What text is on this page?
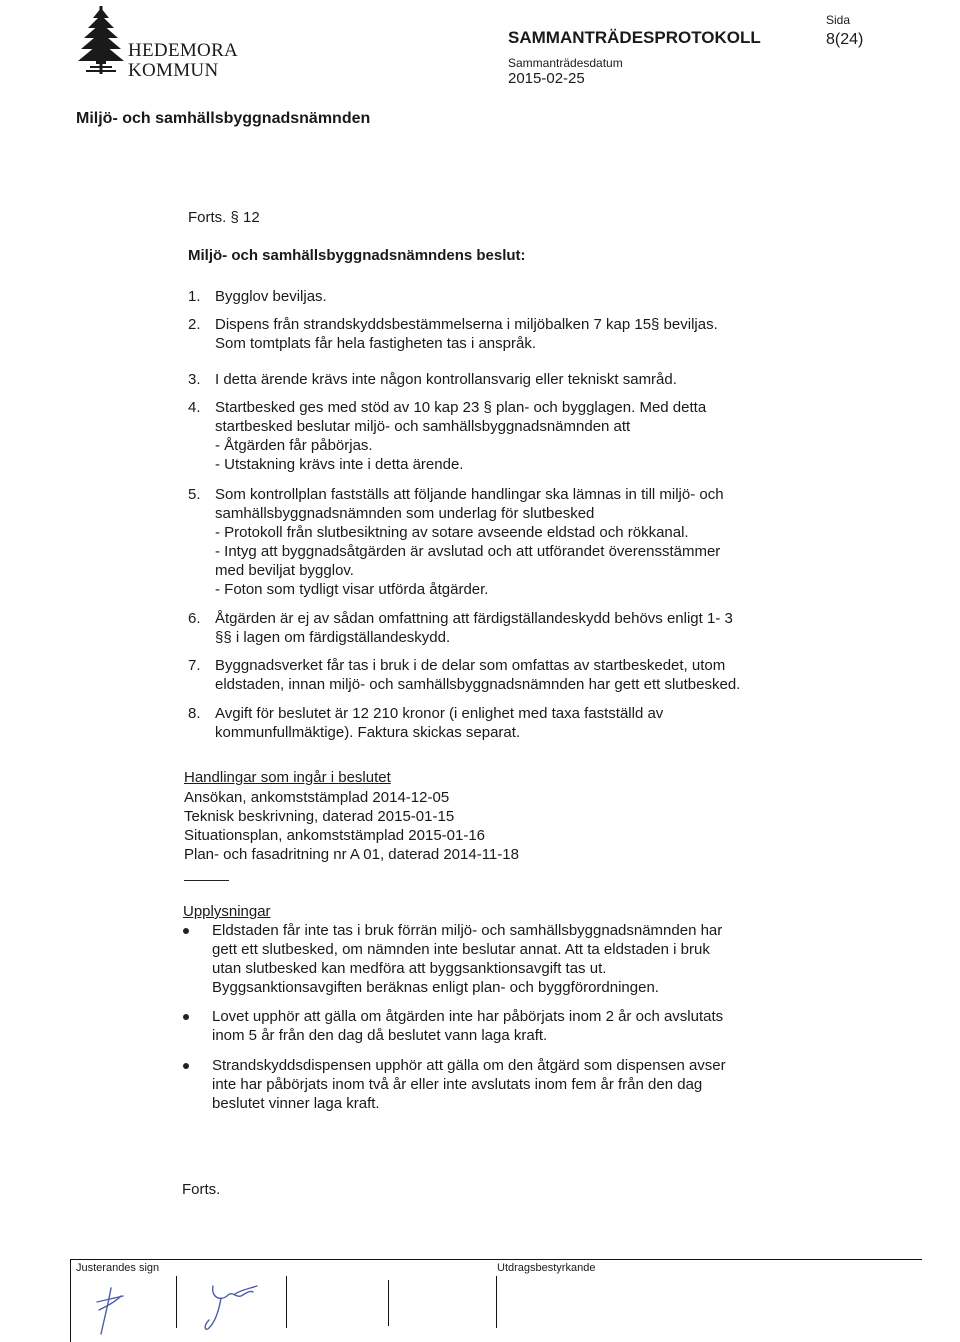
HEDEMORA
KOMMUN
SAMMANTRÄDESPROTOKOLL
Sammanträdesdatum
2015-02-25
Sida
8(24)
Miljö- och samhällsbyggnadsnämnden
Forts. § 12
Miljö- och samhällsbyggnadsnämndens beslut:
1. Bygglov beviljas.
2. Dispens från strandskyddsbestämmelserna i miljöbalken 7 kap 15§ beviljas.
Som tomtplats får hela fastigheten tas i anspråk.
3. I detta ärende krävs inte någon kontrollansvarig eller tekniskt samråd.
4. Startbesked ges med stöd av 10 kap 23 § plan- och bygglagen. Med detta
startbesked beslutar miljö- och samhällsbyggnadsnämnden att
- Åtgärden får påbörjas.
- Utstakning krävs inte i detta ärende.
5. Som kontrollplan fastställs att följande handlingar ska lämnas in till miljö- och
samhällsbyggnadsnämnden som underlag för slutbesked
- Protokoll från slutbesiktning av sotare avseende eldstad och rökkanal.
- Intyg att byggnadsåtgärden är avslutad och att utförandet överensstämmer
med beviljat bygglov.
- Foton som tydligt visar utförda åtgärder.
6. Åtgärden är ej av sådan omfattning att färdigställandeskydd behövs enligt 1- 3
§§ i lagen om färdigställandeskydd.
7. Byggnadsverket får tas i bruk i de delar som omfattas av startbeskedet, utom
eldstaden, innan miljö- och samhällsbyggnadsnämnden har gett ett slutbesked.
8. Avgift för beslutet är 12 210 kronor (i enlighet med taxa fastställd av
kommunfullmäktige). Faktura skickas separat.
Handlingar som ingår i beslutet
Ansökan, ankomststämplad 2014-12-05
Teknisk beskrivning, daterad 2015-01-15
Situationsplan, ankomststämplad 2015-01-16
Plan- och fasadritning nr A 01, daterad 2014-11-18
Upplysningar
Eldstaden får inte tas i bruk förrän miljö- och samhällsbyggnadsnämnden har
gett ett slutbesked, om nämnden inte beslutar annat. Att ta eldstaden i bruk
utan slutbesked kan medföra att byggsanktionsavgift tas ut.
Byggsanktionsavgiften beräknas enligt plan- och byggförordningen.
Lovet upphör att gälla om åtgärden inte har påbörjats inom 2 år och avslutats
inom 5 år från den dag då beslutet vann laga kraft.
Strandskyddsdispensen upphör att gälla om den åtgärd som dispensen avser
inte har påbörjats inom två år eller inte avslutats inom fem år från den dag
beslutet vinner laga kraft.
Forts.
Justerandes sign	Utdragsbestyrkande
